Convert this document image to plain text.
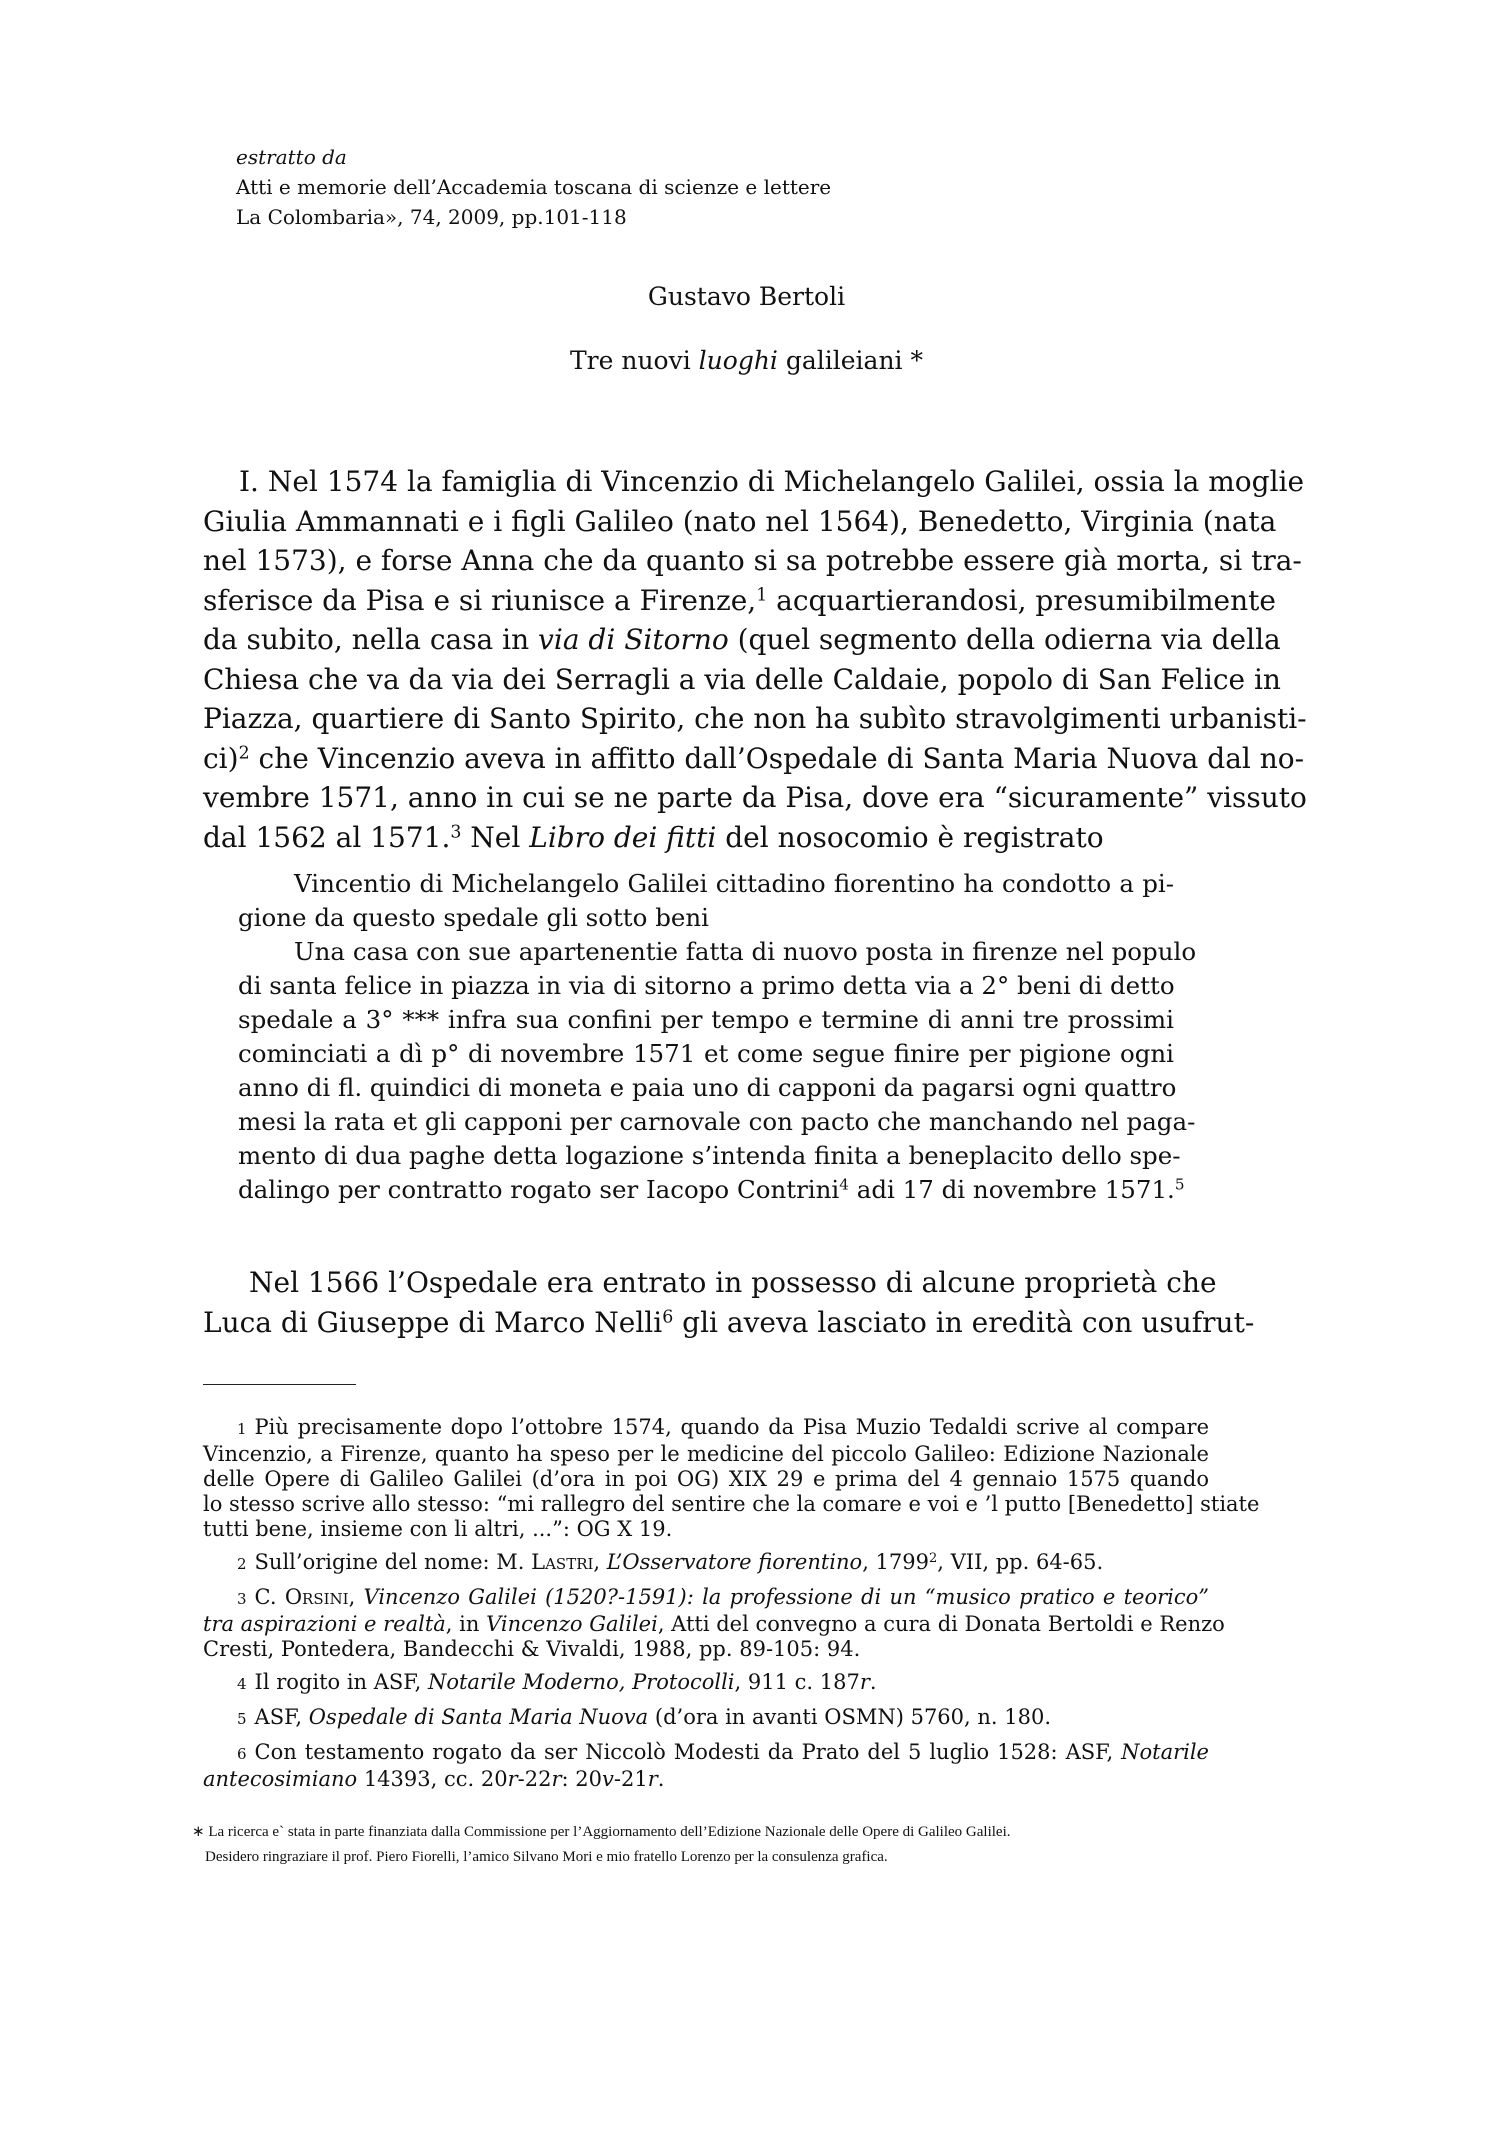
estratto da
Atti e memorie dell’Accademia toscana di scienze e lettere
La Colombaria», 74, 2009, pp.101-118
Gustavo Bertoli
Tre nuovi luoghi galileiani *
I. Nel 1574 la famiglia di Vincenzio di Michelangelo Galilei, ossia la moglie
Giulia Ammannati e i figli Galileo (nato nel 1564), Benedetto, Virginia (nata
nel 1573), e forse Anna che da quanto si sa potrebbe essere già morta, si tra-
sferisce da Pisa e si riunisce a Firenze,$^1$ acquartierandosi, presumibilmente
da subito, nella casa in via di Sitorno (quel segmento della odierna via della
Chiesa che va da via dei Serragli a via delle Caldaie, popolo di San Felice in
Piazza, quartiere di Santo Spirito, che non ha subìto stravolgimenti urbanisti-
ci)$^2$ che Vincenzio aveva in affitto dall’Ospedale di Santa Maria Nuova dal no-
vembre 1571, anno in cui se ne parte da Pisa, dove era “sicuramente” vissuto
dal 1562 al 1571.$^3$ Nel Libro dei fitti del nosocomio è registrato
Vincentio di Michelangelo Galilei cittadino fiorentino ha condotto a pi-
gione da questo spedale gli sotto beni
Una casa con sue apartenentie fatta di nuovo posta in firenze nel populo
di santa felice in piazza in via di sitorno a primo detta via a 2° beni di detto
spedale a 3° *** infra sua confini per tempo e termine di anni tre prossimi
cominciati a dì p° di novembre 1571 et come segue finire per pigione ogni
anno di fl. quindici di moneta e paia uno di capponi da pagarsi ogni quattro
mesi la rata et gli capponi per carnovale con pacto che manchando nel paga-
mento di dua paghe detta logazione s’intenda finita a beneplacito dello spe-
dalingo per contratto rogato ser Iacopo Contrini$^4$ adi 17 di novembre 1571.$^5$
Nel 1566 l’Ospedale era entrato in possesso di alcune proprietà che
Luca di Giuseppe di Marco Nelli$^6$ gli aveva lasciato in eredità con usufrut-
1 Più precisamente dopo l’ottobre 1574, quando da Pisa Muzio Tedaldi scrive al compare
Vincenzio, a Firenze, quanto ha speso per le medicine del piccolo Galileo: Edizione Nazionale
delle Opere di Galileo Galilei (d’ora in poi OG) XIX 29 e prima del 4 gennaio 1575 quando
lo stesso scrive allo stesso: “mi rallegro del sentire che la comare e voi e ’l putto [Benedetto] stiate
tutti bene, insieme con li altri, ...”: OG X 19.
2 Sull’origine del nome: M. Lastri, L’Osservatore fiorentino, 1799$^2$, VII, pp. 64-65.
3 C. Orsini, Vincenzo Galilei (1520?-1591): la professione di un “musico pratico e teorico”
tra aspirazioni e realtà, in Vincenzo Galilei, Atti del convegno a cura di Donata Bertoldi e Renzo
Cresti, Pontedera, Bandecchi & Vivaldi, 1988, pp. 89-105: 94.
4 Il rogito in ASF, Notarile Moderno, Protocolli, 911 c. 187r.
5 ASF, Ospedale di Santa Maria Nuova (d’ora in avanti OSMN) 5760, n. 180.
6 Con testamento rogato da ser Niccolò Modesti da Prato del 5 luglio 1528: ASF, Notarile
antecosimiano 14393, cc. 20r-22r: 20v-21r.
∗ La ricerca e` stata in parte finanziata dalla Commissione per l’Aggiornamento dell’Edizione Nazionale delle Opere di Galileo Galilei.
Desidero ringraziare il prof. Piero Fiorelli, l’amico Silvano Mori e mio fratello Lorenzo per la consulenza grafica.
